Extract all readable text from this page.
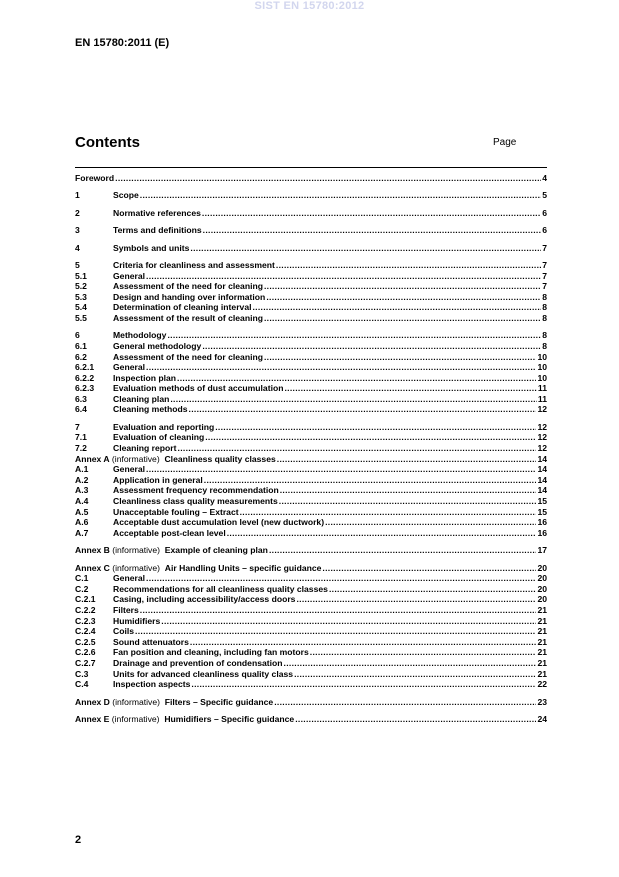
SIST EN 15780:2012
EN 15780:2011 (E)
Contents	Page
Foreword .....	4
1	Scope .....	5
2	Normative references .....	6
3	Terms and definitions .....	6
4	Symbols and units .....	7
5	Criteria for cleanliness and assessment .....	7
5.1	General .....	7
5.2	Assessment of the need for cleaning .....	7
5.3	Design and handing over information .....	8
5.4	Determination of cleaning interval .....	8
5.5	Assessment of the result of cleaning .....	8
6	Methodology .....	8
6.1	General methodology .....	8
6.2	Assessment of the need for cleaning .....	10
6.2.1	General .....	10
6.2.2	Inspection plan .....	10
6.2.3	Evaluation methods of dust accumulation .....	11
6.3	Cleaning plan .....	11
6.4	Cleaning methods .....	12
7	Evaluation and reporting .....	12
7.1	Evaluation of cleaning .....	12
7.2	Cleaning report .....	12
Annex A (informative)  Cleanliness quality classes .....	14
A.1	General .....	14
A.2	Application in general .....	14
A.3	Assessment frequency recommendation .....	14
A.4	Cleanliness class quality measurements .....	15
A.5	Unacceptable fouling – Extract .....	15
A.6	Acceptable dust accumulation level (new ductwork) .....	16
A.7	Acceptable post-clean level .....	16
Annex B (informative)  Example of cleaning plan .....	17
Annex C (informative)  Air Handling Units – specific guidance .....	20
C.1	General .....	20
C.2	Recommendations for all cleanliness quality classes .....	20
C.2.1	Casing, including accessibility/access doors .....	20
C.2.2	Filters .....	21
C.2.3	Humidifiers .....	21
C.2.4	Coils .....	21
C.2.5	Sound attenuators .....	21
C.2.6	Fan position and cleaning, including fan motors .....	21
C.2.7	Drainage and prevention of condensation .....	21
C.3	Units for advanced cleanliness quality class .....	21
C.4	Inspection aspects .....	22
Annex D (informative)  Filters – Specific guidance .....	23
Annex E (informative)  Humidifiers – Specific guidance .....	24
2
